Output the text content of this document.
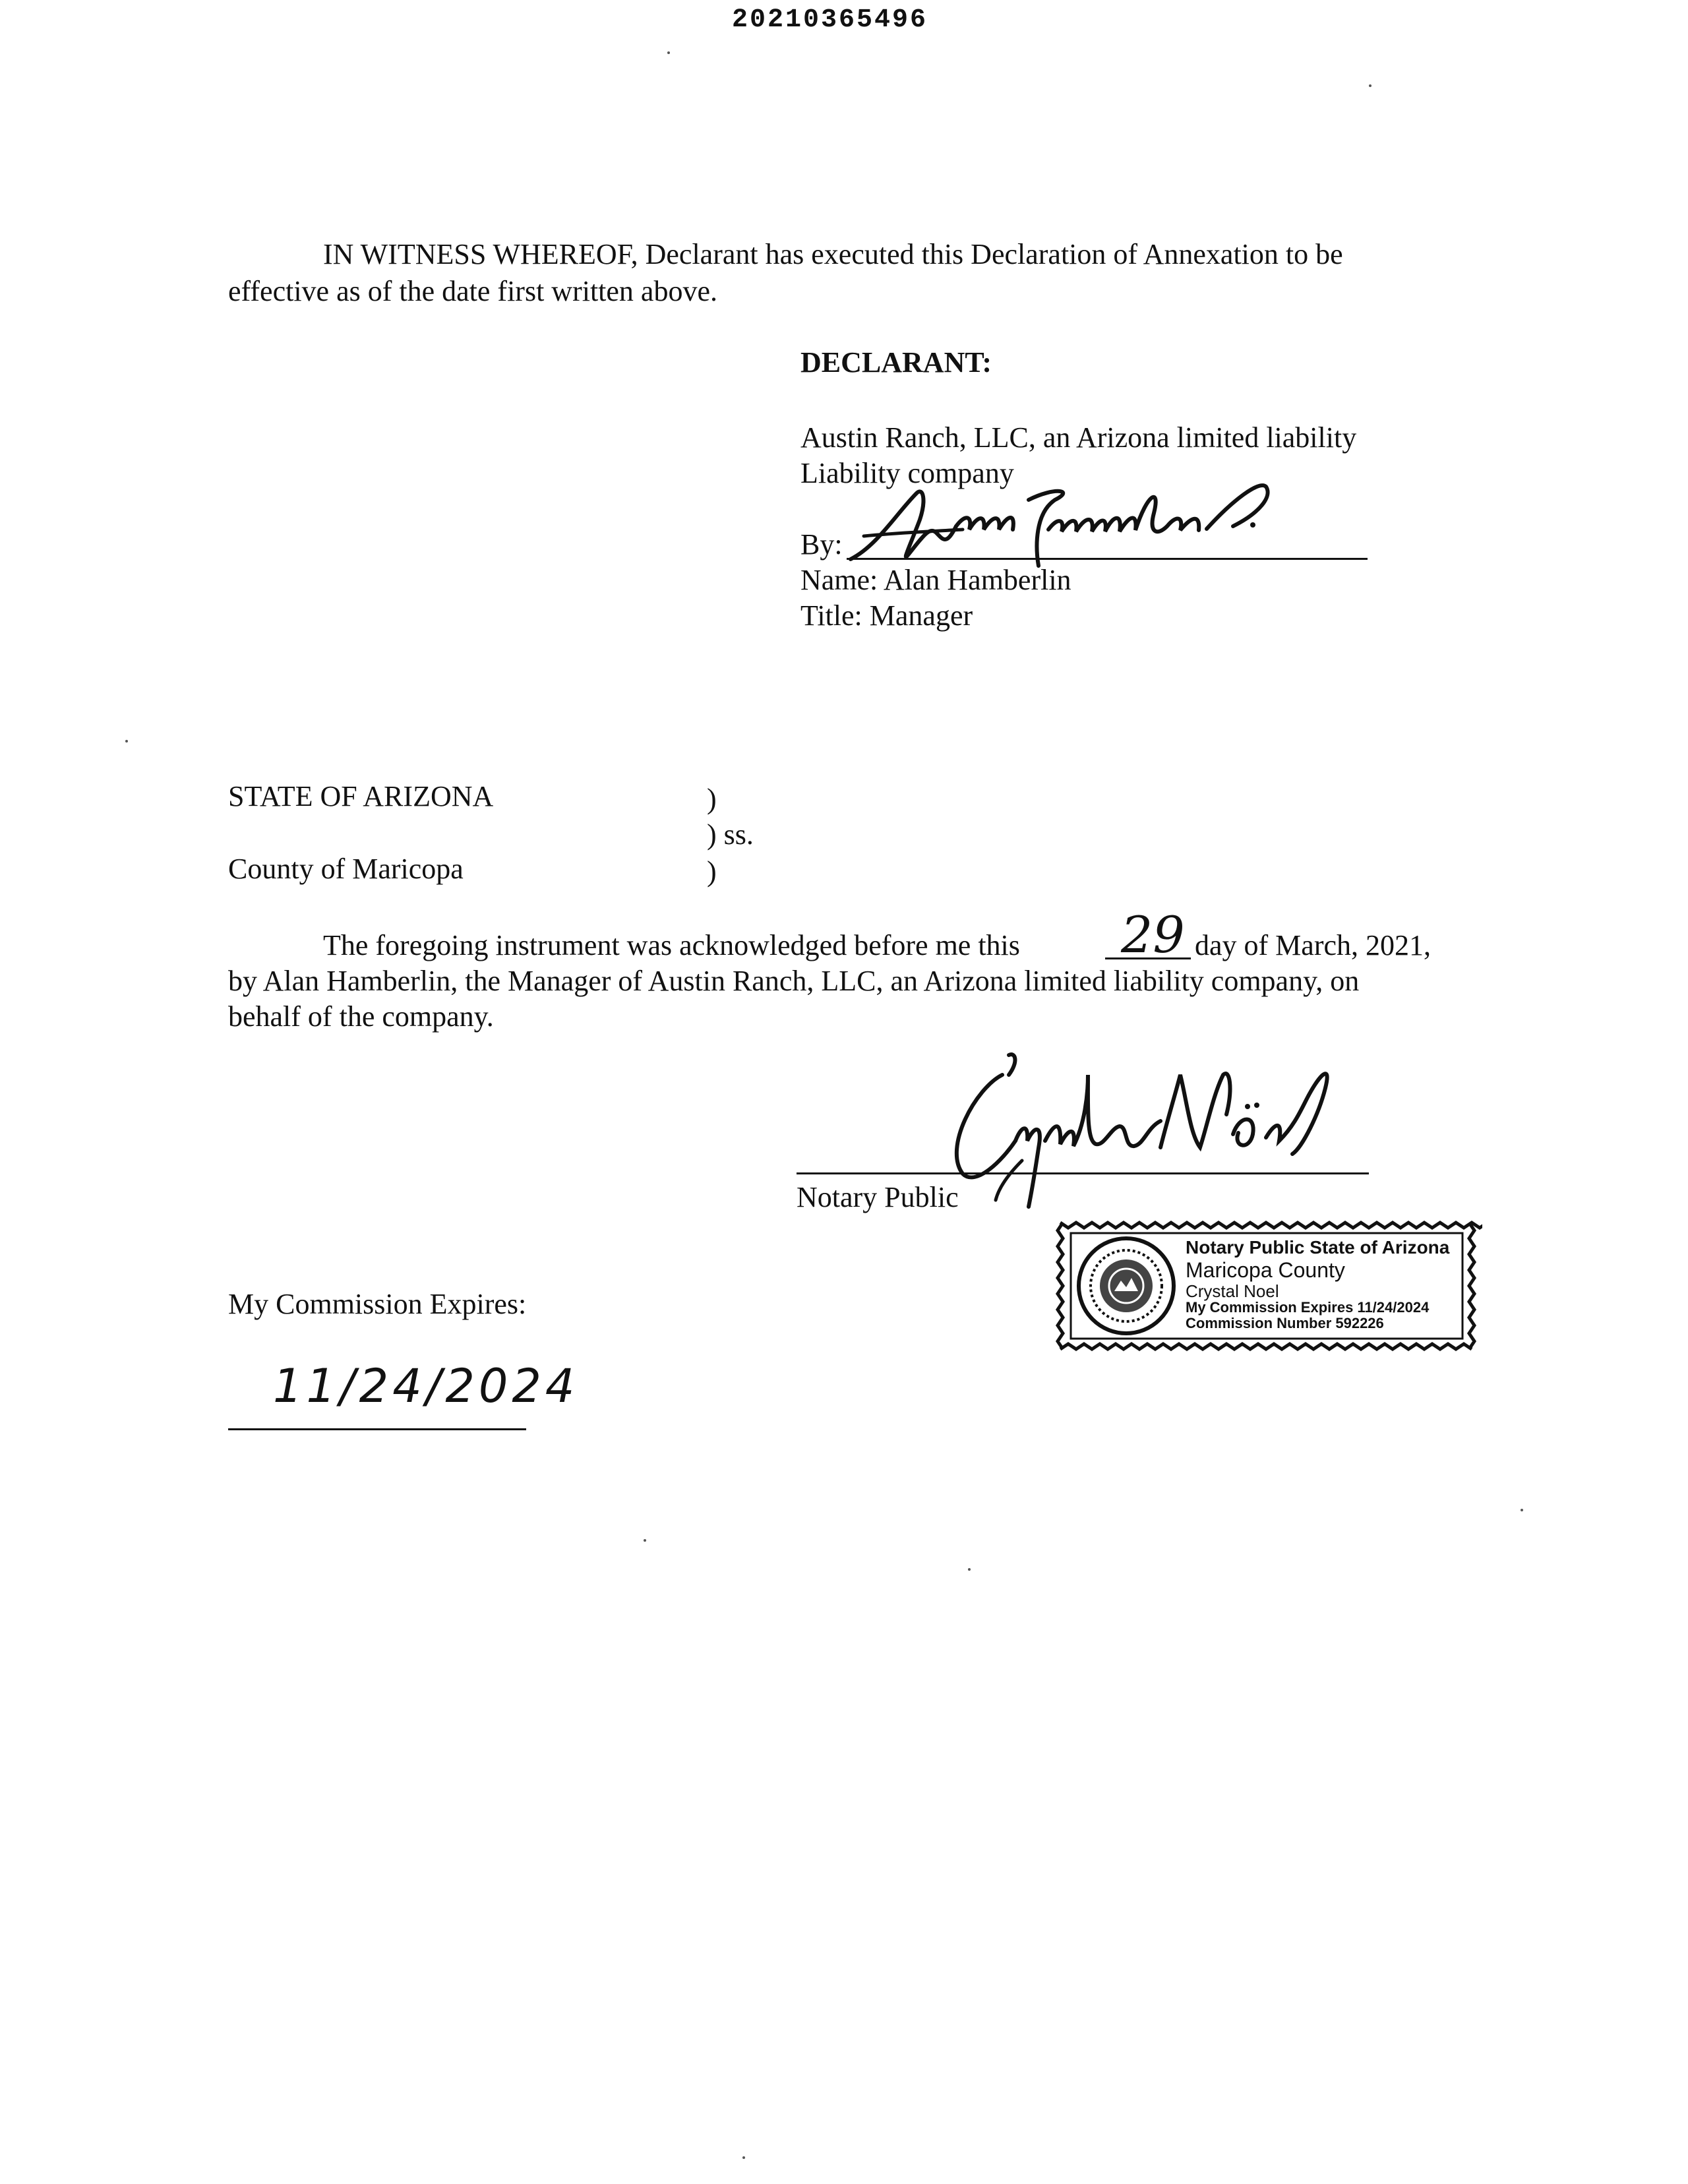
20210365496
IN WITNESS WHEREOF, Declarant has executed this Declaration of Annexation to be
effective as of the date first written above.
DECLARANT:
Austin Ranch, LLC, an Arizona limited liability
Liability company
By:
Name: Alan Hamberlin
Title: Manager
STATE OF ARIZONA	)
) ss.
County of Maricopa	)
The foregoing instrument was acknowledged before me this 29 day of March, 2021,
by Alan Hamberlin, the Manager of Austin Ranch, LLC, an Arizona limited liability company, on
behalf of the company.
Notary Public
Notary Public State of Arizona
Maricopa County
Crystal Noel
My Commission Expires 11/24/2024
Commission Number 592226
My Commission Expires:
11/24/2024
